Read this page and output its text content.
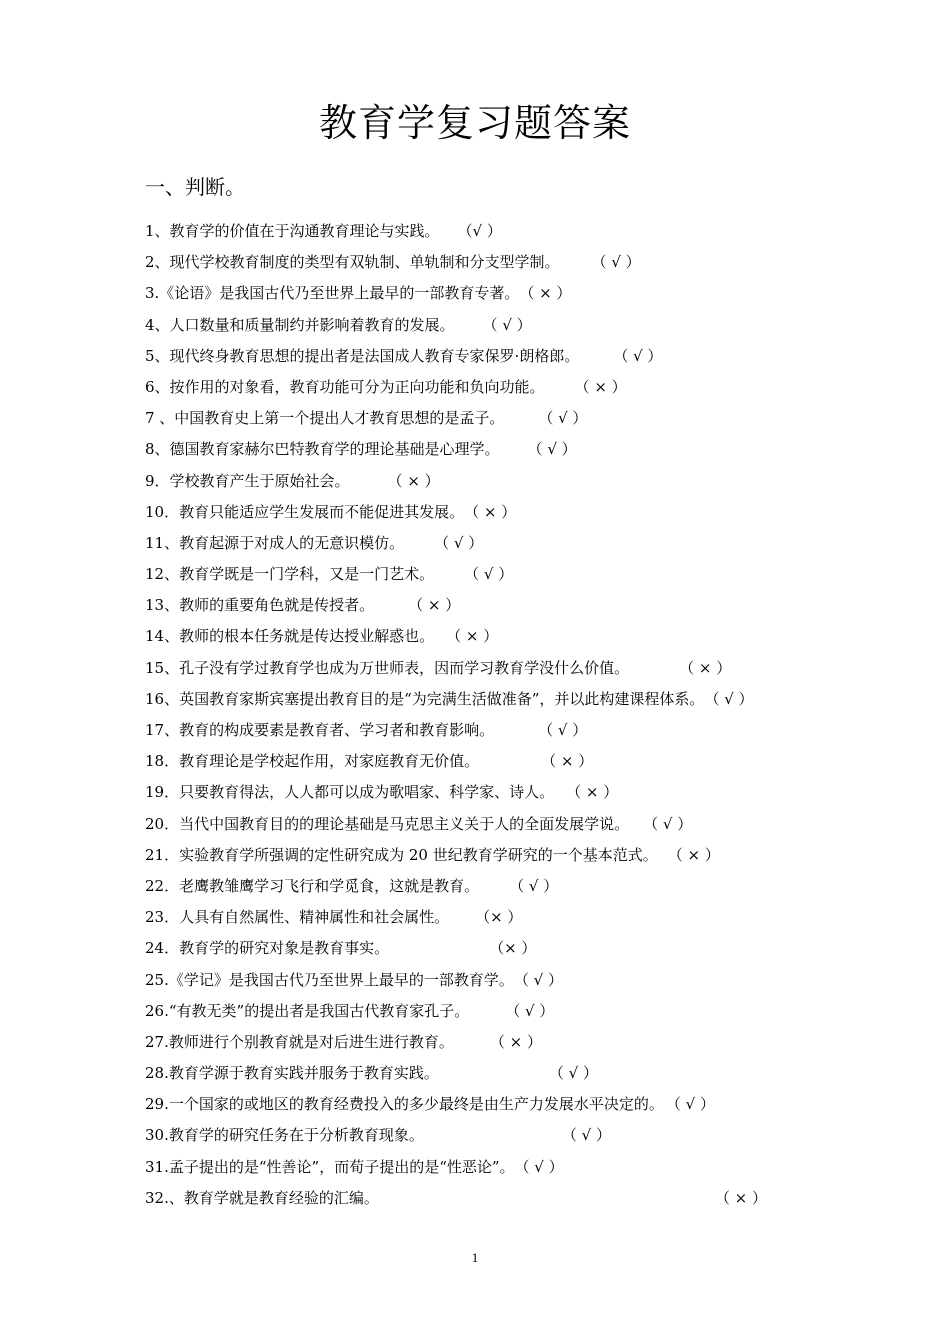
教育学复习题答案
一、判断。
1、教育学的价值在于沟通教育理论与实践。 （√ ）
2、现代学校教育制度的类型有双轨制、单轨制和分支型学制。 （ √ ）
3.《论语》是我国古代乃至世界上最早的一部教育专著。（ × ）
4、人口数量和质量制约并影响着教育的发展。 （ √ ）
5、现代终身教育思想的提出者是法国成人教育专家保罗·朗格郎。 （ √ ）
6、按作用的对象看，教育功能可分为正向功能和负向功能。 （ × ）
7 、中国教育史上第一个提出人才教育思想的是孟子。 （ √ ）
8、德国教育家赫尔巴特教育学的理论基础是心理学。 （ √ ）
9．学校教育产生于原始社会。	（ × ）
10．教育只能适应学生发展而不能促进其发展。（ × ）
11、教育起源于对成人的无意识模仿。 （ √ ）
12、教育学既是一门学科，又是一门艺术。 （ √ ）
13、教师的重要角色就是传授者。 （ × ）
14、教师的根本任务就是传达授业解惑也。 （ × ）
15、孔子没有学过教育学也成为万世师表，因而学习教育学没什么价值。	（ × ）
16、英国教育家斯宾塞提出教育目的是“为完满生活做准备”，并以此构建课程体系。（ √ ）
17、教育的构成要素是教育者、学习者和教育影响。	（ √ ）
18．教育理论是学校起作用，对家庭教育无价值。	（ × ）
19．只要教育得法，人人都可以成为歌唱家、科学家、诗人。 （ × ）
20．当代中国教育目的的理论基础是马克思主义关于人的全面发展学说。 （ √ ）
21．实验教育学所强调的定性研究成为 20 世纪教育学研究的一个基本范式。 （ × ）
22．老鹰教雏鹰学习飞行和学觅食，这就是教育。 （ √ ）
23．人具有自然属性、精神属性和社会属性。 （× ）
24．教育学的研究对象是教育事实。	（× ）
25.《学记》是我国古代乃至世界上最早的一部教育学。（ √ ）
26.“有教无类”的提出者是我国古代教育家孔子。 （ √ ）
27.教师进行个别教育就是对后进生进行教育。 （ × ）
28.教育学源于教育实践并服务于教育实践。	（ √ ）
29.一个国家的或地区的教育经费投入的多少最终是由生产力发展水平决定的。 （ √ ）
30.教育学的研究任务在于分析教育现象。	（ √ ）
31.孟子提出的是“性善论”，而荀子提出的是“性恶论”。（ √ ）
32.、教育学就是教育经验的汇编。	（ × ）
1
